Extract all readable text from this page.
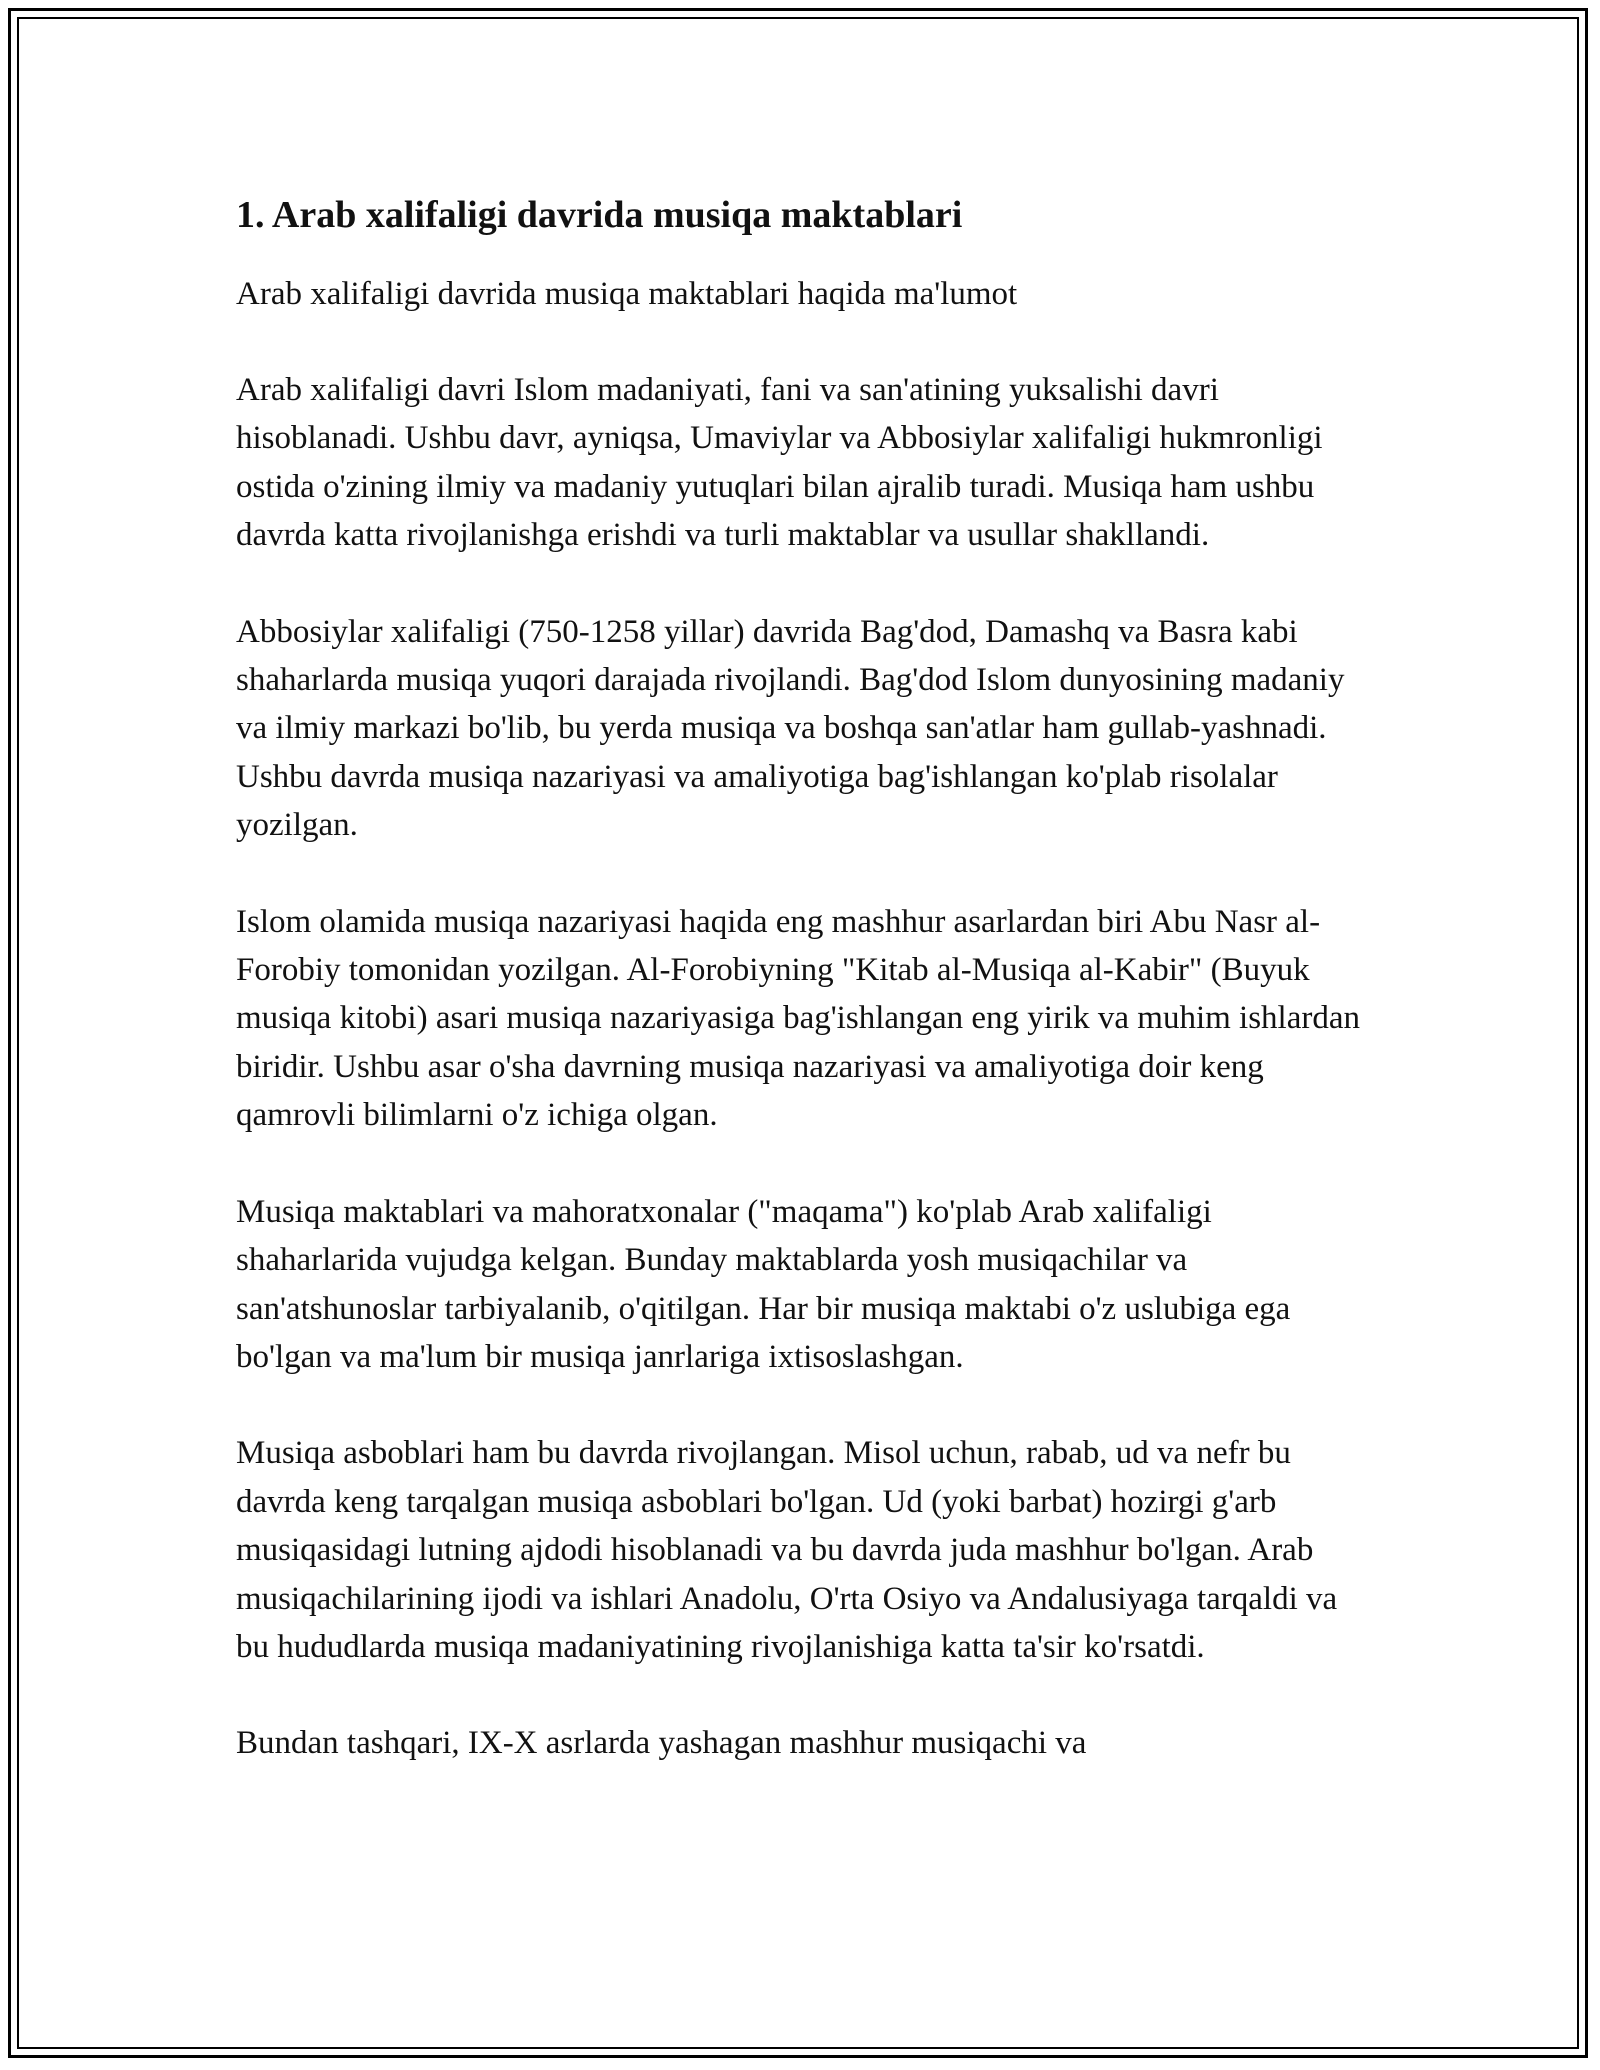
1. Arab xalifaligi davrida musiqa maktablari

Arab xalifaligi davrida musiqa maktablari haqida ma'lumot

Arab xalifaligi davri Islom madaniyati, fani va san'atining yuksalishi davri hisoblanadi. Ushbu davr, ayniqsa, Umaviylar va Abbosiylar xalifaligi hukmronligi ostida o'zining ilmiy va madaniy yutuqlari bilan ajralib turadi. Musiqa ham ushbu davrda katta rivojlanishga erishdi va turli maktablar va usullar shakllandi.

Abbosiylar xalifaligi (750-1258 yillar) davrida Bag'dod, Damashq va Basra kabi shaharlarda musiqa yuqori darajada rivojlandi. Bag'dod Islom dunyosining madaniy va ilmiy markazi bo'lib, bu yerda musiqa va boshqa san'atlar ham gullab-yashnadi. Ushbu davrda musiqa nazariyasi va amaliyotiga bag'ishlangan ko'plab risolalar yozilgan.

Islom olamida musiqa nazariyasi haqida eng mashhur asarlardan biri Abu Nasr al-Forobiy tomonidan yozilgan. Al-Forobiyning "Kitab al-Musiqa al-Kabir" (Buyuk musiqa kitobi) asari musiqa nazariyasiga bag'ishlangan eng yirik va muhim ishlardan biridir. Ushbu asar o'sha davrning musiqa nazariyasi va amaliyotiga doir keng qamrovli bilimlarni o'z ichiga olgan.

Musiqa maktablari va mahoratxonalar ("maqama") ko'plab Arab xalifaligi shaharlarida vujudga kelgan. Bunday maktablarda yosh musiqachilar va san'atshunoslar tarbiyalanib, o'qitilgan. Har bir musiqa maktabi o'z uslubiga ega bo'lgan va ma'lum bir musiqa janrlariga ixtisoslashgan.

Musiqa asboblari ham bu davrda rivojlangan. Misol uchun, rabab, ud va nefr bu davrda keng tarqalgan musiqa asboblari bo'lgan. Ud (yoki barbat) hozirgi g'arb musiqasidagi lutning ajdodi hisoblanadi va bu davrda juda mashhur bo'lgan. Arab musiqachilarining ijodi va ishlari Anadolu, O'rta Osiyo va Andalusiyaga tarqaldi va bu hududlarda musiqa madaniyatining rivojlanishiga katta ta'sir ko'rsatdi.

Bundan tashqari, IX-X asrlarda yashagan mashhur musiqachi va
